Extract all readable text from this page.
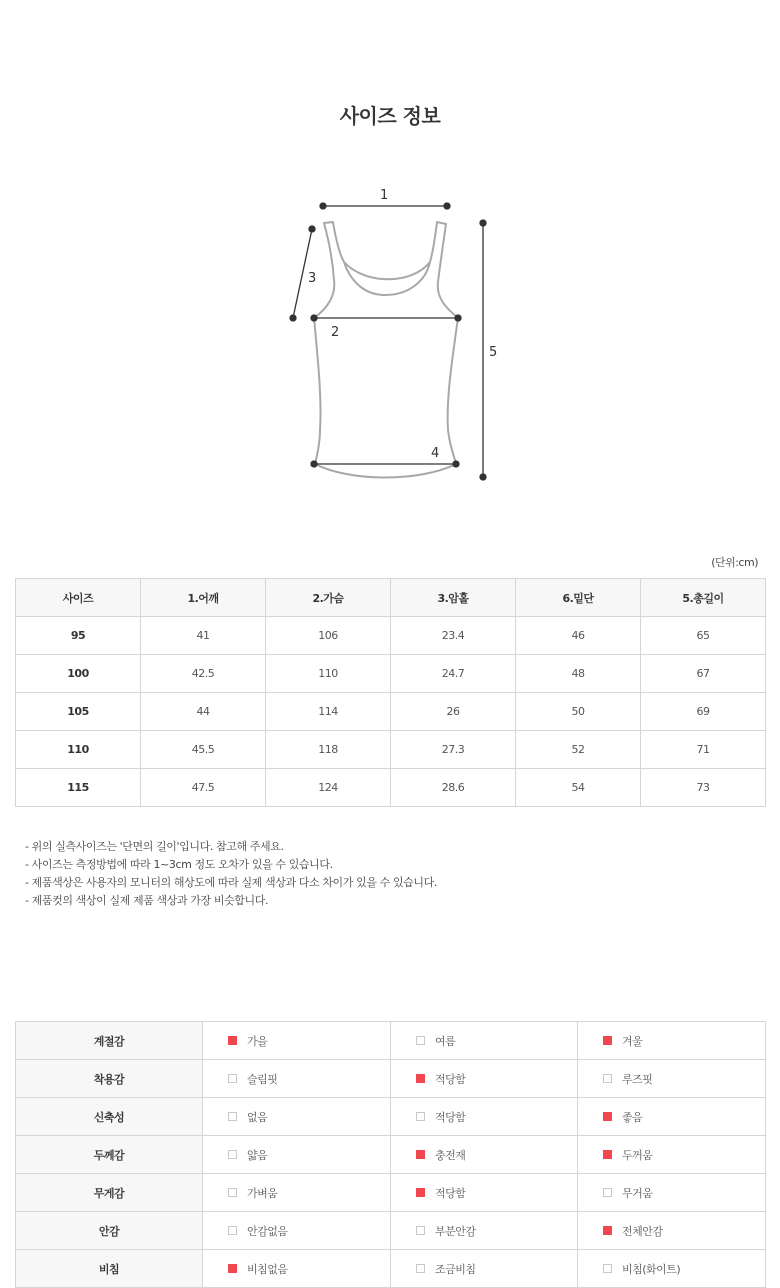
사이즈 정보
1
2
3
4
5
(단위:cm)
사이즈	1.어깨	2.가슴	3.암홀	6.밑단	5.총길이
95	41	106	23.4	46	65
100	42.5	110	24.7	48	67
105	44	114	26	50	69
110	45.5	118	27.3	52	71
115	47.5	124	28.6	54	73
- 위의 실측사이즈는 '단면의 길이'입니다. 참고해 주세요.
- 사이즈는 측정방법에 따라 1~3cm 정도 오차가 있을 수 있습니다.
- 제품색상은 사용자의 모니터의 해상도에 따라 실제 색상과 다소 차이가 있을 수 있습니다.
- 제품컷의 색상이 실제 제품 색상과 가장 비슷합니다.
계절감	가을	여름	겨울
착용감	슬림핏	적당함	루즈핏
신축성	없음	적당함	좋음
두께감	얇음	충전재	두꺼움
무게감	가벼움	적당함	무거움
안감	안감없음	부분안감	전체안감
비침	비침없음	조금비침	비침(화이트)
